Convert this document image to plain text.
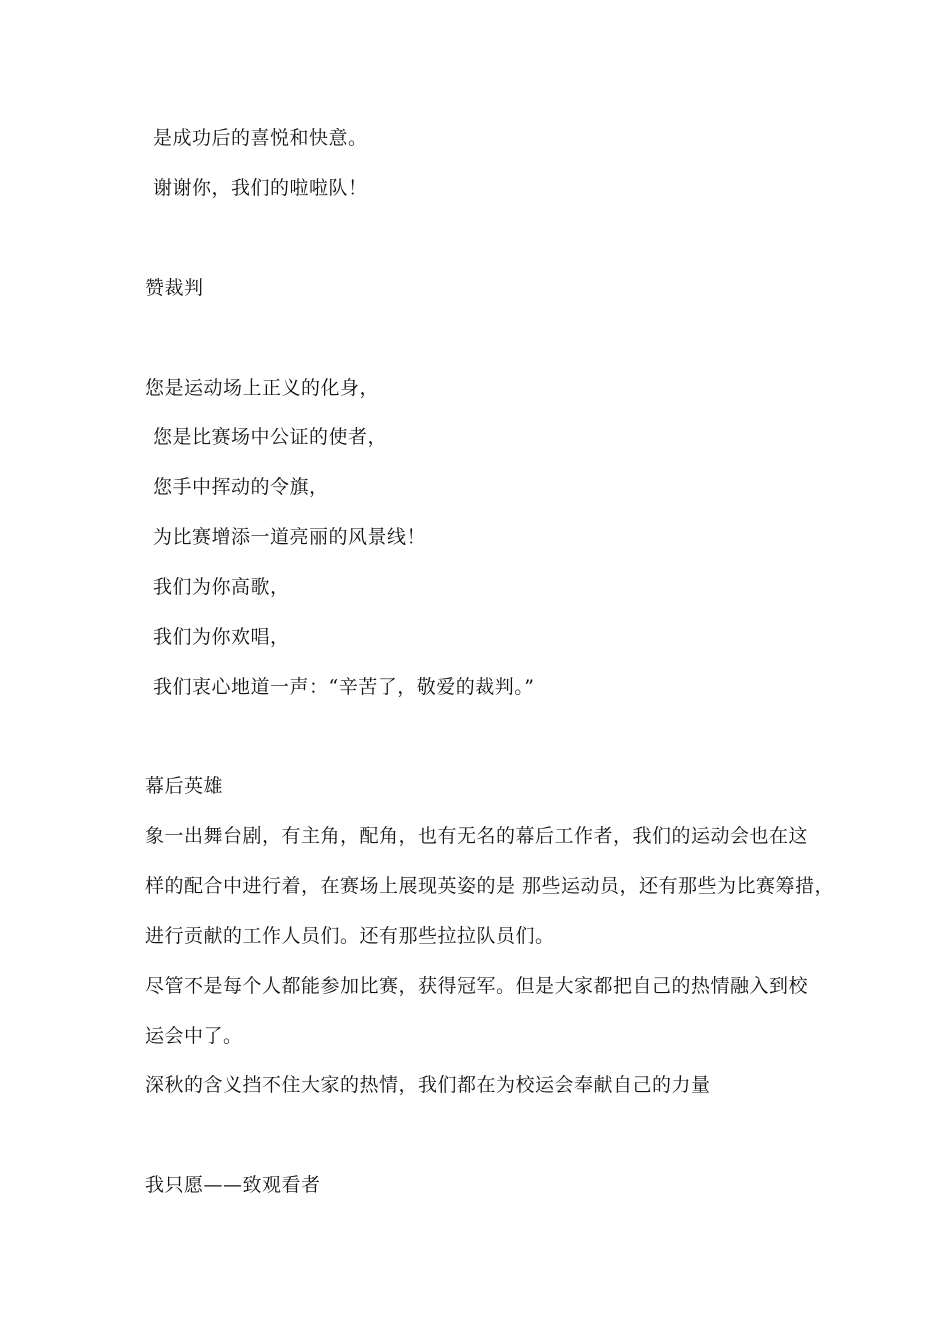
是成功后的喜悦和快意。
谢谢你，我们的啦啦队！
赞裁判
您是运动场上正义的化身，
您是比赛场中公证的使者，
您手中挥动的令旗，
为比赛增添一道亮丽的风景线！
我们为你高歌，
我们为你欢唱，
我们衷心地道一声：“辛苦了，敬爱的裁判。”
幕后英雄
象一出舞台剧，有主角，配角，也有无名的幕后工作者，我们的运动会也在这
样的配合中进行着，在赛场上展现英姿的是 那些运动员，还有那些为比赛筹措，
进行贡献的工作人员们。还有那些拉拉队员们。
尽管不是每个人都能参加比赛，获得冠军。但是大家都把自己的热情融入到校
运会中了。
深秋的含义挡不住大家的热情，我们都在为校运会奉献自己的力量
我只愿——致观看者
